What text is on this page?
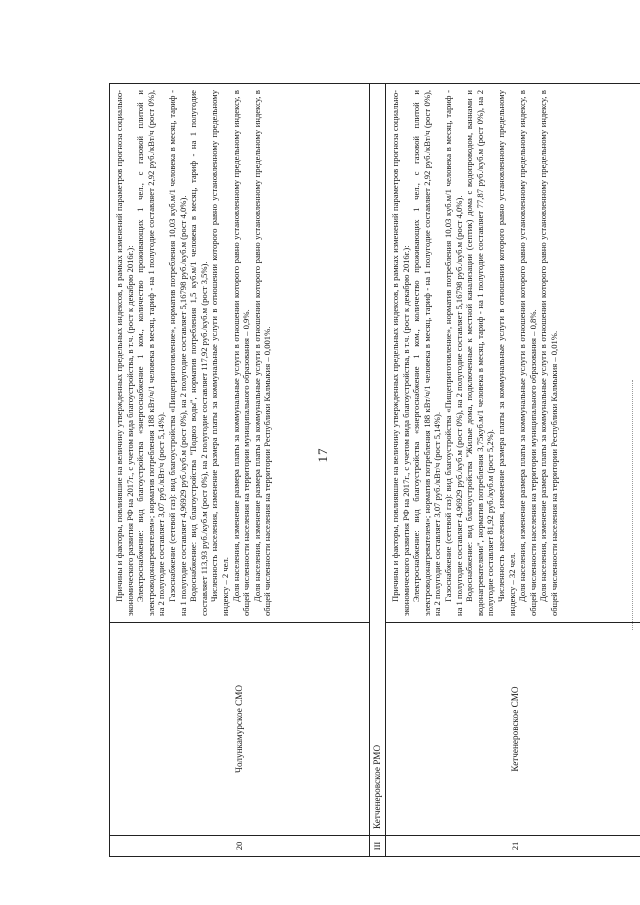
17
20
Чолункамурское СМО

Причины и факторы, повлиявшие на величину утвержденных предельных индексов, в рамках изменений параметров прогноза социально-экономического развития РФ на 2017г., с учетом вида благоустройства, в т.ч. (рост к декабрю 2016г.): Электроснабжение: вид благоустройства «энергоснабжение 1 ком., количество проживающих 1 чел., с газовой плитой и электроводонагревателем»; норматив потребления 188 кВт/ч/1 человека в месяц, тариф - на 1 полугодие составляет 2,92 руб./кВт/ч (рост 0%), на 2 полугодие составляет 3,07 руб./кВт/ч (рост 5,14%). Газоснабжение (сетевой газ): вид благоустройства «Пищеприготовление», норматив потребления 10,03 куб.м/1 человека в месяц, тариф - на 1 полугодие составляет 4,96929 руб./куб.м (рост 0%), на 2 полугодие составляет 5,16798 руб./куб.м (рост 4,0%). Водоснабжение: вид благоустройства "Подвоз воды", норматив потребления 1,5 куб.м/1 человека в месяц, тариф - на 1 полугодие составляет 113,93 руб./куб.м (рост 0%), на 2 полугодие составляет 117,92 руб./куб.м (рост 3,5%). Численность населения, изменение размера платы за коммунальные услуги в отношении которого равно установленному предельному индексу – 2 чел. Доля населения, изменение размера платы за коммунальные услуги в отношении которого равно установленному предельному индексу, в общей численности населения на территории муниципального образования – 0,9%. Доля населения, изменение размера платы за коммунальные услуги в отношении которого равно установленному предельному индексу, в общей численности населения на территории Республики Калмыкия – 0,001%.

III
Кетченеровское РМО
21
Кетченеровское СМО

Причины и факторы, повлиявшие на величину утвержденных предельных индексов, в рамках изменений параметров прогноза социально-экономического развития РФ на 2017г., с учетом вида благоустройства, в т.ч. (рост к декабрю 2016г.): Электроснабжение: вид благоустройства «энергоснабжение 1 ком., количество проживающих 1 чел., с газовой плитой и электроводонагревателем»; норматив потребления 188 кВт/ч/1 человека в месяц, тариф - на 1 полугодие составляет 2,92 руб./кВт/ч (рост 0%), на 2 полугодие составляет 3,07 руб./кВт/ч (рост 5,14%). Газоснабжение (сетевой газ): вид благоустройства «Пищеприготовление», норматив потребления 10,03 куб.м/1 человека в месяц, тариф - на 1 полугодие составляет 4,96929 руб./куб.м (рост 0%), на 2 полугодие составляет 5,16798 руб./куб.м (рост 4,0%). Водоснабжение: вид благоустройства "Жилые дома, подключенные к местной канализации (септик) дома с водопроводом, ваннами и водонагревателями", норматив потребления 3,75куб.м/1 человека в месяц, тариф - на 1 полугодие составляет 77,87 руб./куб.м (рост 0%), на 2 полугодие составляет 81,92 руб./куб.м (рост 5,2%). Численность населения, изменение размера платы за коммунальные услуги в отношении которого равно установленному предельному индексу – 32 чел. Доля населения, изменение размера платы за коммунальные услуги в отношении которого равно установленному предельному индексу, в общей численности населения на территории муниципального образования – 0,8%. Доля населения, изменение размера платы за коммунальные услуги в отношении которого равно установленному предельному индексу, в общей численности населения на территории Республики Калмыкия – 0,01%.
